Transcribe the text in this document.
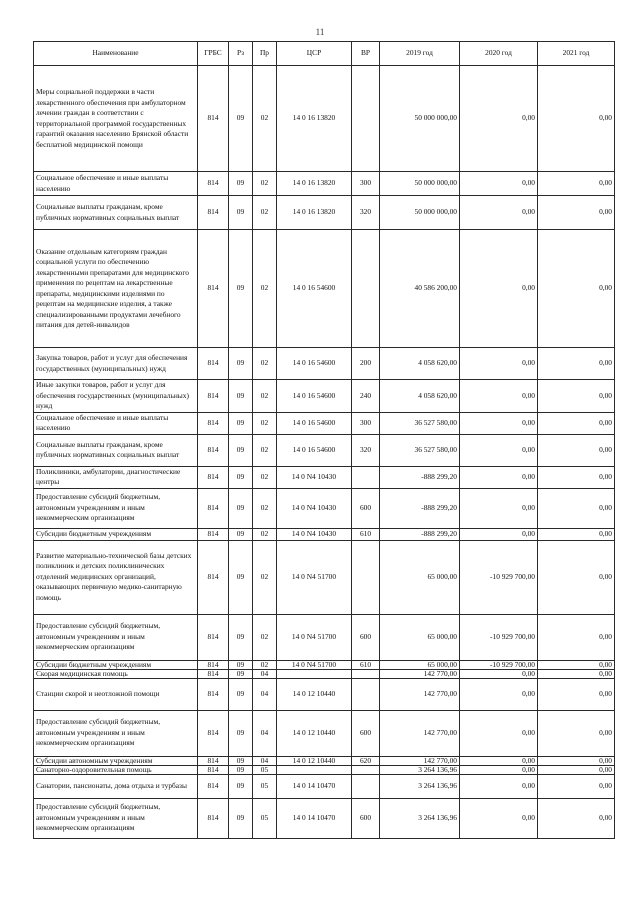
11
Наименование	ГРБС	Рз	Пр	ЦСР	ВР	2019 год	2020 год	2021 год
Меры социальной поддержки в части лекарственного обеспечения при амбулаторном лечении граждан в соответствии с территориальной программой государственных гарантий оказания населению Брянской области бесплатной медицинской помощи	814	09	02	14 0 16 13820		50 000 000,00	0,00	0,00
Социальное обеспечение и иные выплаты населению	814	09	02	14 0 16 13820	300	50 000 000,00	0,00	0,00
Социальные выплаты гражданам, кроме публичных нормативных социальных выплат	814	09	02	14 0 16 13820	320	50 000 000,00	0,00	0,00
Оказание отдельным категориям граждан социальной услуги по обеспечению лекарственными препаратами для медицинского применения по рецептам на лекарственные препараты, медицинскими изделиями по рецептам на медицинские изделия, а также специализированными продуктами лечебного питания для детей-инвалидов	814	09	02	14 0 16 54600		40 586 200,00	0,00	0,00
Закупка товаров, работ и услуг для обеспечения государственных (муниципальных) нужд	814	09	02	14 0 16 54600	200	4 058 620,00	0,00	0,00
Иные закупки товаров, работ и услуг для обеспечения государственных (муниципальных) нужд	814	09	02	14 0 16 54600	240	4 058 620,00	0,00	0,00
Социальное обеспечение и иные выплаты населению	814	09	02	14 0 16 54600	300	36 527 580,00	0,00	0,00
Социальные выплаты гражданам, кроме публичных нормативных социальных выплат	814	09	02	14 0 16 54600	320	36 527 580,00	0,00	0,00
Поликлиники, амбулатории, диагностические центры	814	09	02	14 0 N4 10430		-888 299,20	0,00	0,00
Предоставление субсидий бюджетным, автономным учреждениям и иным некоммерческим организациям	814	09	02	14 0 N4 10430	600	-888 299,20	0,00	0,00
Субсидии бюджетным учреждениям	814	09	02	14 0 N4 10430	610	-888 299,20	0,00	0,00
Развитие материально-технической базы детских поликлиник и детских поликлинических отделений медицинских организаций, оказывающих первичную медико-санитарную помощь	814	09	02	14 0 N4 51700		65 000,00	-10 929 700,00	0,00
Предоставление субсидий бюджетным, автономным учреждениям и иным некоммерческим организациям	814	09	02	14 0 N4 51700	600	65 000,00	-10 929 700,00	0,00
Субсидии бюджетным учреждениям	814	09	02	14 0 N4 51700	610	65 000,00	-10 929 700,00	0,00
Скорая медицинская помощь	814	09	04			142 770,00	0,00	0,00
Станции скорой и неотложной помощи	814	09	04	14 0 12 10440		142 770,00	0,00	0,00
Предоставление субсидий бюджетным, автономным учреждениям и иным некоммерческим организациям	814	09	04	14 0 12 10440	600	142 770,00	0,00	0,00
Субсидии автономным учреждениям	814	09	04	14 0 12 10440	620	142 770,00	0,00	0,00
Санаторно-оздоровительная помощь	814	09	05			3 264 136,96	0,00	0,00
Санатории, пансионаты, дома отдыха и турбазы	814	09	05	14 0 14 10470		3 264 136,96	0,00	0,00
Предоставление субсидий бюджетным, автономным учреждениям и иным некоммерческим организациям	814	09	05	14 0 14 10470	600	3 264 136,96	0,00	0,00
